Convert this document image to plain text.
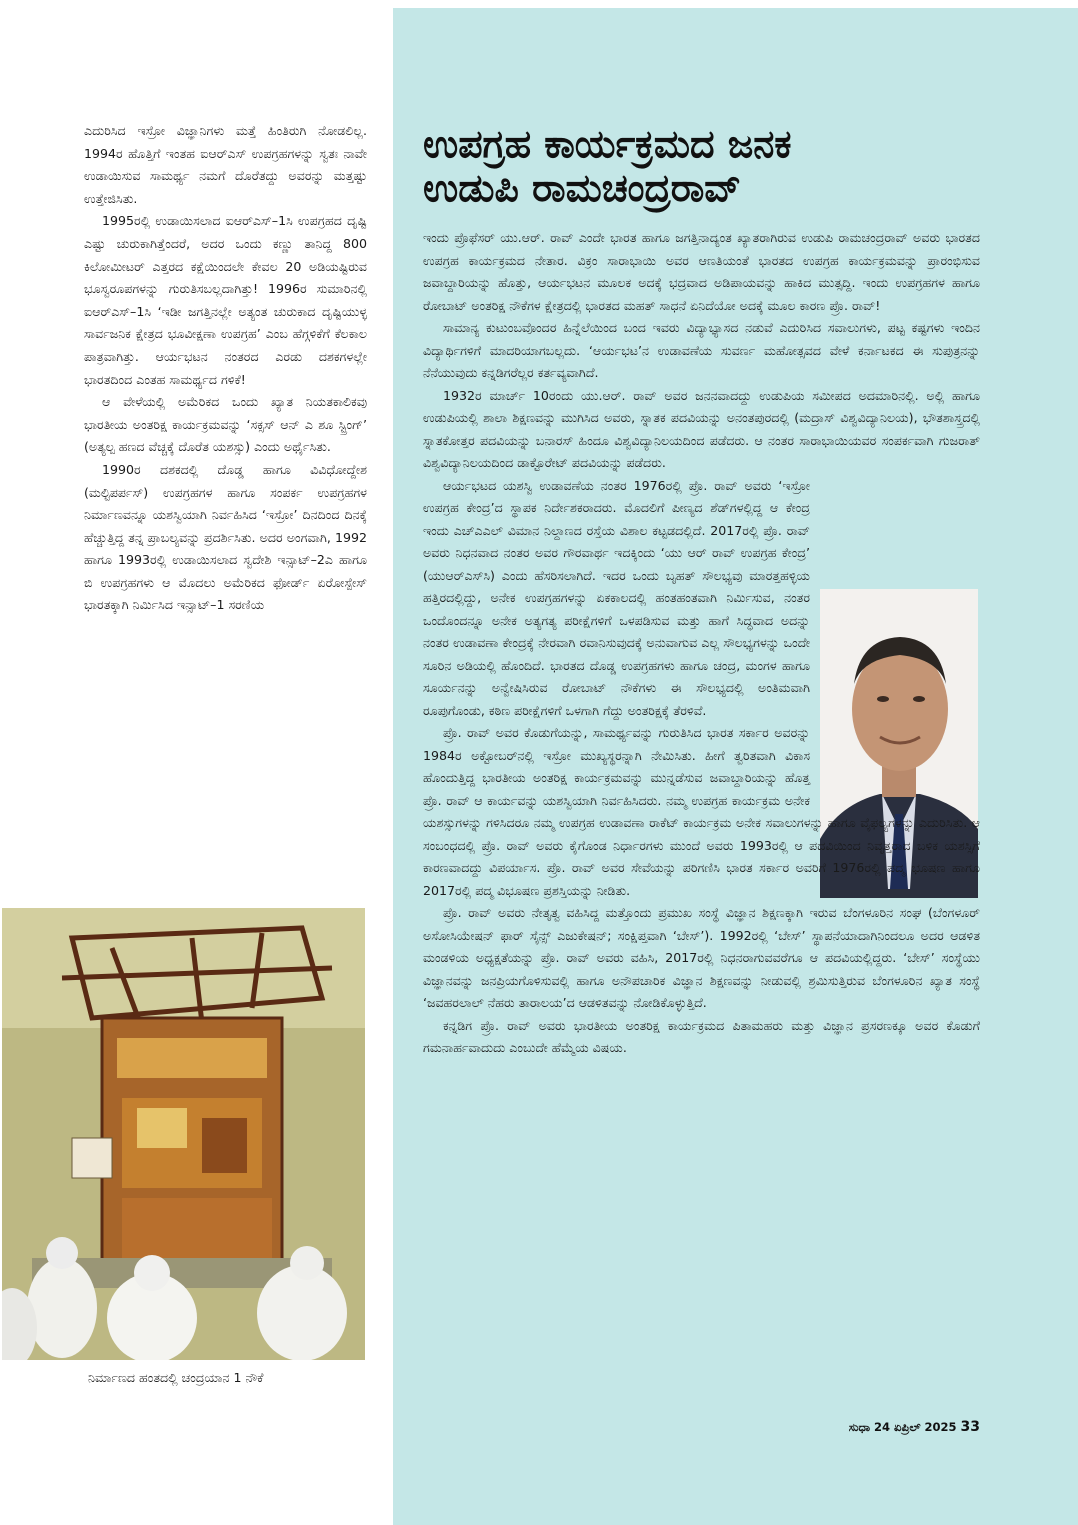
ಎದುರಿಸಿದ ಇಸ್ರೋ ವಿಜ್ಞಾನಿಗಳು ಮತ್ತೆ ಹಿಂತಿರುಗಿ ನೋಡಲಿಲ್ಲ. 1994ರ ಹೊತ್ತಿಗೆ ಇಂತಹ ಐಆರ್‌ಎಸ್ ಉಪಗ್ರಹಗಳನ್ನು ಸ್ವತಃ ನಾವೇ ಉಡಾಯಿಸುವ ಸಾಮರ್ಥ್ಯ ನಮಗೆ ದೊರೆತದ್ದು ಅವರನ್ನು ಮತ್ತಷ್ಟು ಉತ್ತೇಜಿಸಿತು.

1995ರಲ್ಲಿ ಉಡಾಯಿಸಲಾದ ಐಆರ್‌ಎಸ್–1ಸಿ ಉಪಗ್ರಹದ ದೃಷ್ಟಿ ಎಷ್ಟು ಚುರುಕಾಗಿತ್ತೆಂದರೆ, ಅದರ ಒಂದು ಕಣ್ಣು ತಾನಿದ್ದ 800 ಕಿಲೋಮೀಟರ್ ಎತ್ತರದ ಕಕ್ಷೆಯಿಂದಲೇ ಕೇವಲ 20 ಅಡಿಯಷ್ಟಿರುವ ಭೂಸ್ವರೂಪಗಳನ್ನು ಗುರುತಿಸಬಲ್ಲದಾಗಿತ್ತು! 1996ರ ಸುಮಾರಿನಲ್ಲಿ ಐಆರ್‌ಎಸ್–1ಸಿ ‘ಇಡೀ ಜಗತ್ತಿನಲ್ಲೇ ಅತ್ಯಂತ ಚುರುಕಾದ ದೃಷ್ಟಿಯುಳ್ಳ ಸಾರ್ವಜನಿಕ ಕ್ಷೇತ್ರದ ಭೂವೀಕ್ಷಣಾ ಉಪಗ್ರಹ’ ಎಂಬ ಹೆಗ್ಗಳಿಕೆಗೆ ಕೆಲಕಾಲ ಪಾತ್ರವಾಗಿತ್ತು. ಆರ್ಯಭಟನ ನಂತರದ ಎರಡು ದಶಕಗಳಲ್ಲೇ ಭಾರತದಿಂದ ಎಂತಹ ಸಾಮರ್ಥ್ಯದ ಗಳಿಕೆ!

ಆ ವೇಳೆಯಲ್ಲಿ ಅಮೆರಿಕದ ಒಂದು ಖ್ಯಾತ ನಿಯತಕಾಲಿಕವು ಭಾರತೀಯ ಅಂತರಿಕ್ಷ ಕಾರ್ಯಕ್ರಮವನ್ನು ‘ಸಕ್ಸಸ್ ಆನ್ ಎ ಶೂ ಸ್ಟ್ರಿಂಗ್’ (ಅತ್ಯಲ್ಪ ಹಣದ ವೆಚ್ಚಕ್ಕೆ ದೊರೆತ ಯಶಸ್ಸು) ಎಂದು ಅರ್ಥೈಸಿತು.

1990ರ ದಶಕದಲ್ಲಿ ದೊಡ್ಡ ಹಾಗೂ ವಿವಿಧೋದ್ದೇಶ (ಮಲ್ಟಿಪರ್ಪಸ್) ಉಪಗ್ರಹಗಳ ಹಾಗೂ ಸಂಪರ್ಕ ಉಪಗ್ರಹಗಳ ನಿರ್ಮಾಣವನ್ನೂ ಯಶಸ್ವಿಯಾಗಿ ನಿರ್ವಹಿಸಿದ ‘ಇಸ್ರೋ’ ದಿನದಿಂದ ದಿನಕ್ಕೆ ಹೆಚ್ಚುತ್ತಿದ್ದ ತನ್ನ ಪ್ರಾಬಲ್ಯವನ್ನು ಪ್ರದರ್ಶಿಸಿತು. ಅದರ ಅಂಗವಾಗಿ, 1992 ಹಾಗೂ 1993ರಲ್ಲಿ ಉಡಾಯಿಸಲಾದ ಸ್ವದೇಶಿ ಇನ್ಸಾಟ್–2ಎ ಹಾಗೂ ಬಿ ಉಪಗ್ರಹಗಳು ಆ ಮೊದಲು ಅಮೆರಿಕದ ಫೋರ್ಡ್ ಏರೋಸ್ಪೇಸ್ ಭಾರತಕ್ಕಾಗಿ ನಿರ್ಮಿಸಿದ ಇನ್ಸಾಟ್–1 ಸರಣಿಯ

ನಿರ್ಮಾಣದ ಹಂತದಲ್ಲಿ ಚಂದ್ರಯಾನ 1 ನೌಕೆ
ಉಪಗ್ರಹ ಕಾರ್ಯಕ್ರಮದ ಜನಕ
ಉಡುಪಿ ರಾಮಚಂದ್ರರಾವ್

ಇಂದು ಪ್ರೊಫೆಸರ್ ಯು.ಆರ್. ರಾವ್ ಎಂದೇ ಭಾರತ ಹಾಗೂ ಜಗತ್ತಿನಾದ್ಯಂತ ಖ್ಯಾತರಾಗಿರುವ ಉಡುಪಿ ರಾಮಚಂದ್ರರಾವ್ ಅವರು ಭಾರತದ ಉಪಗ್ರಹ ಕಾರ್ಯಕ್ರಮದ ನೇತಾರ. ವಿಕ್ರಂ ಸಾರಾಭಾಯಿ ಅವರ ಆಣತಿಯಂತೆ ಭಾರತದ ಉಪಗ್ರಹ ಕಾರ್ಯಕ್ರಮವನ್ನು ಪ್ರಾರಂಭಿಸುವ ಜವಾಬ್ದಾರಿಯನ್ನು ಹೊತ್ತು, ಆರ್ಯಭಟನ ಮೂಲಕ ಅದಕ್ಕೆ ಭದ್ರವಾದ ಅಡಿಪಾಯವನ್ನು ಹಾಕಿದ ಮುತ್ಸದ್ದಿ. ಇಂದು ಉಪಗ್ರಹಗಳ ಹಾಗೂ ರೋಬಾಟ್ ಅಂತರಿಕ್ಷ ನೌಕೆಗಳ ಕ್ಷೇತ್ರದಲ್ಲಿ ಭಾರತದ ಮಹತ್ ಸಾಧನೆ ಏನಿದೆಯೋ ಅದಕ್ಕೆ ಮೂಲ ಕಾರಣ ಪ್ರೊ. ರಾವ್!

ಸಾಮಾನ್ಯ ಕುಟುಂಬವೊಂದರ ಹಿನ್ನೆಲೆಯಿಂದ ಬಂದ ಇವರು ವಿದ್ಯಾಭ್ಯಾಸದ ನಡುವೆ ಎದುರಿಸಿದ ಸವಾಲುಗಳು, ಪಟ್ಟ ಕಷ್ಟಗಳು ಇಂದಿನ ವಿದ್ಯಾರ್ಥಿಗಳಿಗೆ ಮಾದರಿಯಾಗಬಲ್ಲದು. ‘ಆರ್ಯಭಟ’ನ ಉಡಾವಣೆಯ ಸುವರ್ಣ ಮಹೋತ್ಸವದ ವೇಳೆ ಕರ್ನಾಟಕದ ಈ ಸುಪುತ್ರನನ್ನು ನೆನೆಯುವುದು ಕನ್ನಡಿಗರೆಲ್ಲರ ಕರ್ತವ್ಯವಾಗಿದೆ.

1932ರ ಮಾರ್ಚ್ 10ರಂದು ಯು.ಆರ್. ರಾವ್ ಅವರ ಜನನವಾದದ್ದು ಉಡುಪಿಯ ಸಮೀಪದ ಅದಮಾರಿನಲ್ಲಿ. ಅಲ್ಲಿ ಹಾಗೂ ಉಡುಪಿಯಲ್ಲಿ ಶಾಲಾ ಶಿಕ್ಷಣವನ್ನು ಮುಗಿಸಿದ ಅವರು, ಸ್ನಾತಕ ಪದವಿಯನ್ನು ಅನಂತಪುರದಲ್ಲಿ (ಮದ್ರಾಸ್ ವಿಶ್ವವಿದ್ಯಾನಿಲಯ), ಭೌತಶಾಸ್ತ್ರದಲ್ಲಿ ಸ್ನಾತಕೋತ್ತರ ಪದವಿಯನ್ನು ಬನಾರಸ್ ಹಿಂದೂ ವಿಶ್ವವಿದ್ಯಾನಿಲಯದಿಂದ ಪಡೆದರು. ಆ ನಂತರ ಸಾರಾಭಾಯಿಯವರ ಸಂಪರ್ಕವಾಗಿ ಗುಜರಾತ್ ವಿಶ್ವವಿದ್ಯಾನಿಲಯದಿಂದ ಡಾಕ್ಟೊರೇಟ್ ಪದವಿಯನ್ನು ಪಡೆದರು.

ಆರ್ಯಭಟದ ಯಶಸ್ವಿ ಉಡಾವಣೆಯ ನಂತರ 1976ರಲ್ಲಿ ಪ್ರೊ. ರಾವ್ ಅವರು ‘ಇಸ್ರೋ ಉಪಗ್ರಹ ಕೇಂದ್ರ’ದ ಸ್ಥಾಪಕ ನಿರ್ದೇಶಕರಾದರು. ಮೊದಲಿಗೆ ಪೀಣ್ಯದ ಶೆಡ್‌ಗಳಲ್ಲಿದ್ದ ಆ ಕೇಂದ್ರ ಇಂದು ಎಚ್‌ಎಎಲ್ ವಿಮಾನ ನಿಲ್ದಾಣದ ರಸ್ತೆಯ ವಿಶಾಲ ಕಟ್ಟಡದಲ್ಲಿದೆ. 2017ರಲ್ಲಿ ಪ್ರೊ. ರಾವ್ ಅವರು ನಿಧನವಾದ ನಂತರ ಅವರ ಗೌರವಾರ್ಥ ಇದಕ್ಕಿಂದು ‘ಯು ಆರ್ ರಾವ್ ಉಪಗ್ರಹ ಕೇಂದ್ರ’ (ಯುಆರ್‌ಎಸ್‌ಸಿ) ಎಂದು ಹೆಸರಿಸಲಾಗಿದೆ. ಇದರ ಒಂದು ಬೃಹತ್ ಸೌಲಭ್ಯವು ಮಾರತ್ತಹಳ್ಳಿಯ ಹತ್ತಿರದಲ್ಲಿದ್ದು, ಅನೇಕ ಉಪಗ್ರಹಗಳನ್ನು ಏಕಕಾಲದಲ್ಲಿ ಹಂತಹಂತವಾಗಿ ನಿರ್ಮಿಸುವ, ನಂತರ ಒಂದೊಂದನ್ನೂ ಅನೇಕ ಅತ್ಯಗತ್ಯ ಪರೀಕ್ಷೆಗಳಿಗೆ ಒಳಪಡಿಸುವ ಮತ್ತು ಹಾಗೆ ಸಿದ್ಧವಾದ ಅದನ್ನು ನಂತರ ಉಡಾವಣಾ ಕೇಂದ್ರಕ್ಕೆ ನೇರವಾಗಿ ರವಾನಿಸುವುದಕ್ಕೆ ಅನುವಾಗುವ ಎಲ್ಲ ಸೌಲಭ್ಯಗಳನ್ನು ಒಂದೇ ಸೂರಿನ ಅಡಿಯಲ್ಲಿ ಹೊಂದಿದೆ. ಭಾರತದ ದೊಡ್ಡ ಉಪಗ್ರಹಗಳು ಹಾಗೂ ಚಂದ್ರ, ಮಂಗಳ ಹಾಗೂ ಸೂರ್ಯನನ್ನು ಅನ್ವೇಷಿಸಿರುವ ರೋಬಾಟ್ ನೌಕೆಗಳು ಈ ಸೌಲಭ್ಯದಲ್ಲಿ ಅಂತಿಮವಾಗಿ ರೂಪುಗೊಂಡು, ಕಠಿಣ ಪರೀಕ್ಷೆಗಳಿಗೆ ಒಳಗಾಗಿ ಗೆದ್ದು ಅಂತರಿಕ್ಷಕ್ಕೆ ತೆರಳಿವೆ.

ಪ್ರೊ. ರಾವ್ ಅವರ ಕೊಡುಗೆಯನ್ನು, ಸಾಮರ್ಥ್ಯವನ್ನು ಗುರುತಿಸಿದ ಭಾರತ ಸರ್ಕಾರ ಅವರನ್ನು 1984ರ ಅಕ್ಟೋಬರ್‌ನಲ್ಲಿ ಇಸ್ರೋ ಮುಖ್ಯಸ್ಥರನ್ನಾಗಿ ನೇಮಿಸಿತು. ಹೀಗೆ ತ್ವರಿತವಾಗಿ ವಿಕಾಸ ಹೊಂದುತ್ತಿದ್ದ ಭಾರತೀಯ ಅಂತರಿಕ್ಷ ಕಾರ್ಯಕ್ರಮವನ್ನು ಮುನ್ನಡೆಸುವ ಜವಾಬ್ದಾರಿಯನ್ನು ಹೊತ್ತ ಪ್ರೊ. ರಾವ್ ಆ ಕಾರ್ಯವನ್ನು ಯಶಸ್ವಿಯಾಗಿ ನಿರ್ವಹಿಸಿದರು. ನಮ್ಮ ಉಪಗ್ರಹ ಕಾರ್ಯಕ್ರಮ ಅನೇಕ ಯಶಸ್ಸುಗಳನ್ನು ಗಳಿಸಿದರೂ ನಮ್ಮ ಉಪಗ್ರಹ ಉಡಾವಣಾ ರಾಕೆಟ್ ಕಾರ್ಯಕ್ರಮ ಅನೇಕ ಸವಾಲುಗಳನ್ನು ಹಾಗೂ ವೈಫಲ್ಯಗಳನ್ನು ಎದುರಿಸಿತು. ಆ ಸಂಬಂಧದಲ್ಲಿ ಪ್ರೊ. ರಾವ್ ಅವರು ಕೈಗೊಂಡ ನಿರ್ಧಾರಗಳು ಮುಂದೆ ಅವರು 1993ರಲ್ಲಿ ಆ ಪದವಿಯಿಂದ ನಿವೃತ್ತರಾದ ಬಳಿಕ ಯಶಸ್ಸಿಗೆ ಕಾರಣವಾದದ್ದು ವಿಪರ್ಯಾಸ. ಪ್ರೊ. ರಾವ್ ಅವರ ಸೇವೆಯನ್ನು ಪರಿಗಣಿಸಿ ಭಾರತ ಸರ್ಕಾರ ಅವರಿಗೆ 1976ರಲ್ಲಿ ಪದ್ಮ ಭೂಷಣ ಹಾಗೂ 2017ರಲ್ಲಿ ಪದ್ಮ ವಿಭೂಷಣ ಪ್ರಶಸ್ತಿಯನ್ನು ನೀಡಿತು.

ಪ್ರೊ. ರಾವ್ ಅವರು ನೇತೃತ್ವ ವಹಿಸಿದ್ದ ಮತ್ತೊಂದು ಪ್ರಮುಖ ಸಂಸ್ಥೆ ವಿಜ್ಞಾನ ಶಿಕ್ಷಣಕ್ಕಾಗಿ ಇರುವ ಬೆಂಗಳೂರಿನ ಸಂಘ (ಬೆಂಗಳೂರ್ ಅಸೋಸಿಯೇಷನ್ ಫಾರ್ ಸೈನ್ಸ್ ಎಜುಕೇಷನ್; ಸಂಕ್ಷಿಪ್ತವಾಗಿ ‘ಬೇಸ್’). 1992ರಲ್ಲಿ ‘ಬೇಸ್’ ಸ್ಥಾಪನೆಯಾದಾಗಿನಿಂದಲೂ ಅದರ ಆಡಳಿತ ಮಂಡಳಿಯ ಅಧ್ಯಕ್ಷತೆಯನ್ನು ಪ್ರೊ. ರಾವ್ ಅವರು ವಹಿಸಿ, 2017ರಲ್ಲಿ ನಿಧನರಾಗುವವರೆಗೂ ಆ ಪದವಿಯಲ್ಲಿದ್ದರು. ‘ಬೇಸ್’ ಸಂಸ್ಥೆಯು ವಿಜ್ಞಾನವನ್ನು ಜನಪ್ರಿಯಗೊಳಿಸುವಲ್ಲಿ ಹಾಗೂ ಅನೌಪಚಾರಿಕ ವಿಜ್ಞಾನ ಶಿಕ್ಷಣವನ್ನು ನೀಡುವಲ್ಲಿ ಶ್ರಮಿಸುತ್ತಿರುವ ಬೆಂಗಳೂರಿನ ಖ್ಯಾತ ಸಂಸ್ಥೆ ‘ಜವಹರಲಾಲ್ ನೆಹರು ತಾರಾಲಯ’ದ ಆಡಳಿತವನ್ನು ನೋಡಿಕೊಳ್ಳುತ್ತಿದೆ.

ಕನ್ನಡಿಗ ಪ್ರೊ. ರಾವ್ ಅವರು ಭಾರತೀಯ ಅಂತರಿಕ್ಷ ಕಾರ್ಯಕ್ರಮದ ಪಿತಾಮಹರು ಮತ್ತು ವಿಜ್ಞಾನ ಪ್ರಸರಣಕ್ಕೂ ಅವರ ಕೊಡುಗೆ ಗಮನಾರ್ಹವಾದುದು ಎಂಬುದೇ ಹೆಮ್ಮೆಯ ವಿಷಯ.

ಸುಧಾ 24 ಏಪ್ರಿಲ್ 2025 33
